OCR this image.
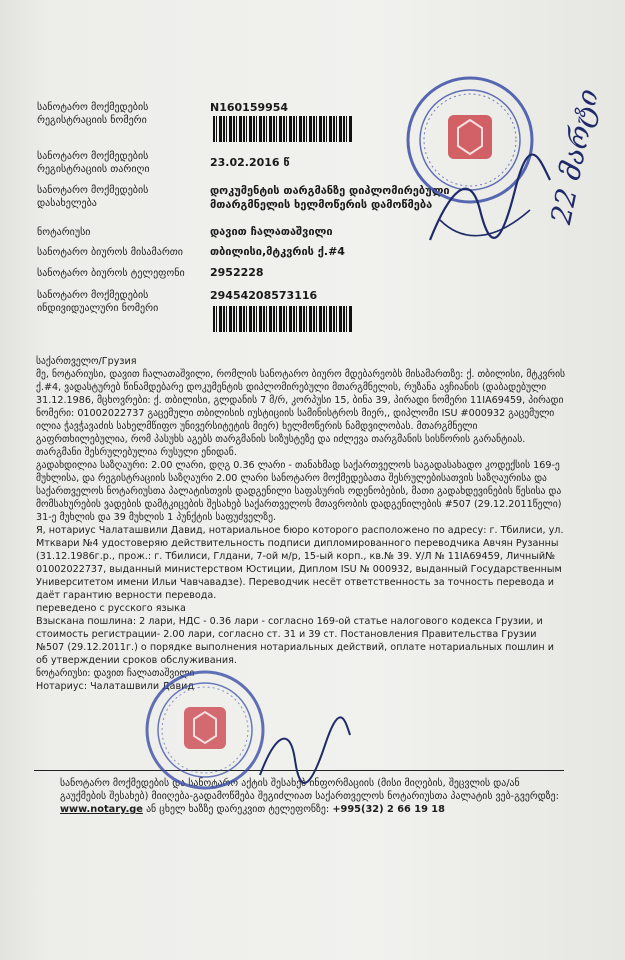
სანოტარო მოქმედების რეგისტრაციის ნომერი
N160159954
სანოტარო მოქმედების რეგისტრაციის თარიღი
23.02.2016 წ
სანოტარო მოქმედების დასახელება
დოკუმენტის თარგმანზე დიპლომირებული მთარგმნელის ხელმოწერის დამოწმება
ნოტარიუსი	დავით ჩალათაშვილი
სანოტარო ბიუროს მისამართი	თბილისი,მტკვრის ქ.#4
სანოტარო ბიუროს ტელეფონი 2952228
სანოტარო მოქმედების ინდივიდუალური ნომერი
29454208573116

საქართველო/Грузия

მე, ნოტარიუსი, დავით ჩალათაშვილი, რომლის სანოტარო ბიურო მდებარეობს მისამართზე: ქ. თბილისი, მტკვრის ქ.#4, ვადასტურებ წინამდებარე დოკუმენტის დიპლომირებული მთარგმნელის, რუზანა ავჩიანის (დაბადებული 31.12.1986, მცხოვრები: ქ. თბილისი, გლდანის 7 მ/რ, კორპუსი 15, ბინა 39, პირადი ნომერი 11IA69459, პირადი ნომერი: 01002022737 გაცემული თბილისის იუსტიციის სამინისტროს მიერ,, დიპლომი ISU #000932 გაცემული ილია ჭავჭავაძის სახელმწიფო უნივერსიტეტის მიერ) ხელმოწერის ნამდვილობას. მთარგმნელი გაფრთხილებულია, რომ პასუხს აგებს თარგმანის სიზუსტეზე და იძლევა თარგმანის სისწორის გარანტიას. თარგმანი შესრულებულია რუსული ენიდან.

გადახდილია საზღაური: 2.00 ლარი, დღგ 0.36 ლარი - თანახმად საქართველოს საგადასახადო კოდექსის 169-ე მუხლისა, და რეგისტრაციის საზღაური 2.00 ლარი სანოტარო მოქმედებათა შესრულებისათვის საზღაურისა და საქართველოს ნოტარიუსთა პალატისთვის დადგენილი საფასურის ოდენობების, მათი გადახდევინების წესისა და მომსახურების ვადების დამტკიცების შესახებ საქართველოს მთავრობის დადგენილების #507 (29.12.2011წელი) 31-ე მუხლის და 39 მუხლის 1 პუნქტის საფუძველზე.

Я, нотариус Чалаташвили Давид, нотариальное бюро которого расположено по адресу: г. Тбилиси, ул. Мтквари №4 удостоверяю действительность подписи дипломированного переводчика Авчян Рузанны (31.12.1986г.р., прож.: г. Тбилиси, Глдани, 7-ой м/р, 15-ый корп., кв.№ 39. У/Л № 11IA69459, Личный№ 01002022737, выданный министерством Юстиции, Диплом ISU № 000932, выданный Государственным Университетом имени Ильи Чавчавадзе). Переводчик несёт ответственность за точность перевода и даёт гарантию верности перевода.

переведено с русского языка

Взыскана пошлина: 2 лари, НДС - 0.36 лари - согласно 169-ой статье налогового кодекса Грузии, и стоимость регистрации- 2.00 лари, согласно ст. 31 и 39 ст. Постановления Правительства Грузии №507 (29.12.2011г.) о порядке выполнения нотариальных действий, оплате нотариальных пошлин и об утверждении сроков обслуживания.

ნოტარიუსი: დავით ჩალათაშვილი

Нотариус: Чалаташвили Давид

სანოტარო მოქმედების და სანოტარო აქტის შესახებ ინფორმაციის (მისი მიღების, შეცვლის და/ან გაუქმების შესახებ) მიიღება-გადამოწმება შეგიძლიათ საქართველოს ნოტარიუსთა პალატის ვებ-გვერდზე: www.notary.ge ან ცხელ ხაზზე დარეკვით ტელეფონზე: +995(32) 2 66 19 18
22 მარტი
